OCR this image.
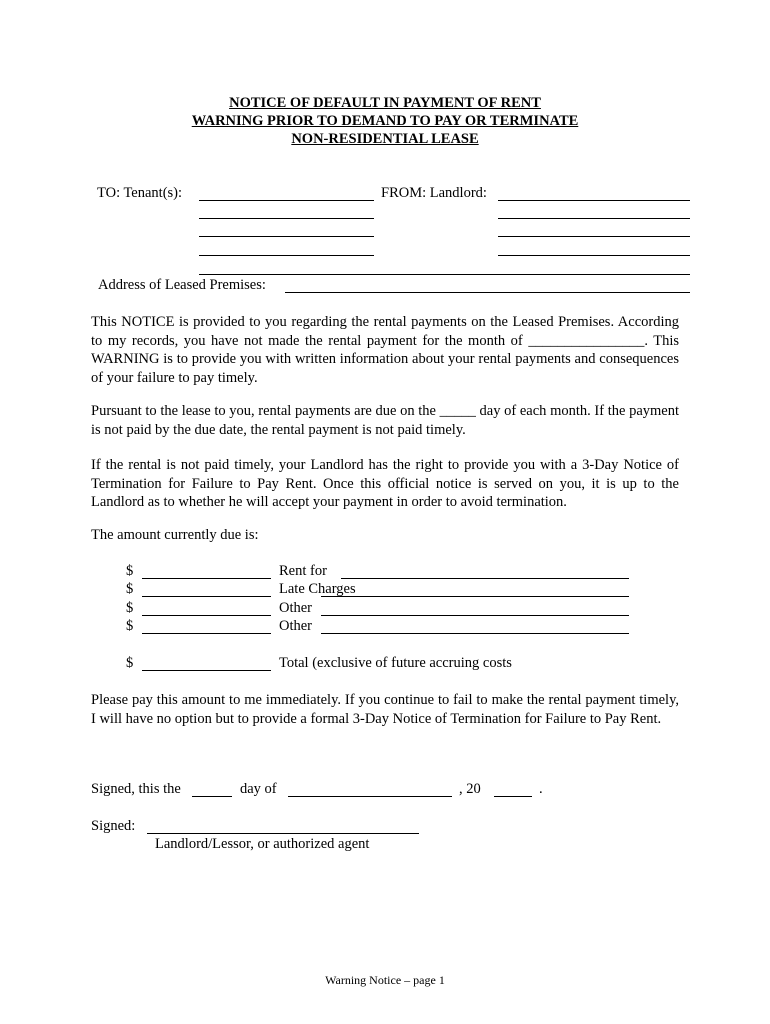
NOTICE OF DEFAULT IN PAYMENT OF RENT
WARNING PRIOR TO DEMAND TO PAY OR TERMINATE
NON-RESIDENTIAL LEASE
TO: Tenant(s):	FROM: Landlord:
Address of Leased Premises:
This NOTICE is provided to you regarding the rental payments on the Leased Premises. According to my records, you have not made the rental payment for the month of ________________. This WARNING is to provide you with written information about your rental payments and consequences of your failure to pay timely.
Pursuant to the lease to you, rental payments are due on the _____ day of each month. If the payment is not paid by the due date, the rental payment is not paid timely.
If the rental is not paid timely, your Landlord has the right to provide you with a 3-Day Notice of Termination for Failure to Pay Rent. Once this official notice is served on you, it is up to the Landlord as to whether he will accept your payment in order to avoid termination.
The amount currently due is:
$	Rent for
$	Late Charges
$	Other
$	Other
$	Total (exclusive of future accruing costs
Please pay this amount to me immediately. If you continue to fail to make the rental payment timely, I will have no option but to provide a formal 3-Day Notice of Termination for Failure to Pay Rent.
Signed, this the	day of	, 20	.
Signed:
Landlord/Lessor, or authorized agent
Warning Notice – page 1
